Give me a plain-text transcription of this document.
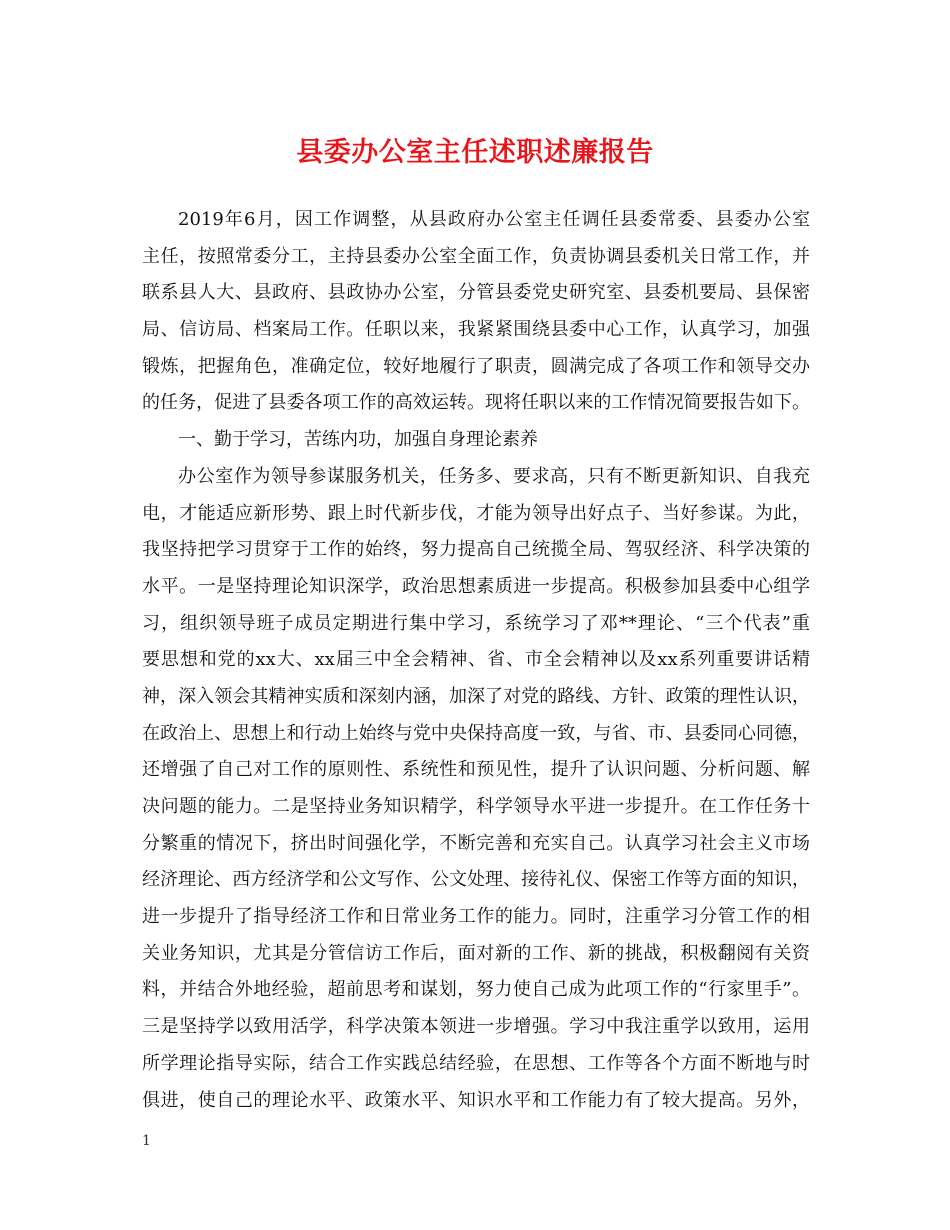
县委办公室主任述职述廉报告
2019年6月，因工作调整，从县政府办公室主任调任县委常委、县委办公室
主任，按照常委分工，主持县委办公室全面工作，负责协调县委机关日常工作，并
联系县人大、县政府、县政协办公室，分管县委党史研究室、县委机要局、县保密
局、信访局、档案局工作。任职以来，我紧紧围绕县委中心工作，认真学习，加强
锻炼，把握角色，准确定位，较好地履行了职责，圆满完成了各项工作和领导交办
的任务，促进了县委各项工作的高效运转。现将任职以来的工作情况简要报告如下。
一、勤于学习，苦练内功，加强自身理论素养
办公室作为领导参谋服务机关，任务多、要求高，只有不断更新知识、自我充
电，才能适应新形势、跟上时代新步伐，才能为领导出好点子、当好参谋。为此，
我坚持把学习贯穿于工作的始终，努力提高自己统揽全局、驾驭经济、科学决策的
水平。一是坚持理论知识深学，政治思想素质进一步提高。积极参加县委中心组学
习，组织领导班子成员定期进行集中学习，系统学习了邓**理论、“三个代表”重
要思想和党的xx大、xx届三中全会精神、省、市全会精神以及xx系列重要讲话精
神，深入领会其精神实质和深刻内涵，加深了对党的路线、方针、政策的理性认识，
在政治上、思想上和行动上始终与党中央保持高度一致，与省、市、县委同心同德，
还增强了自己对工作的原则性、系统性和预见性，提升了认识问题、分析问题、解
决问题的能力。二是坚持业务知识精学，科学领导水平进一步提升。在工作任务十
分繁重的情况下，挤出时间强化学，不断完善和充实自己。认真学习社会主义市场
经济理论、西方经济学和公文写作、公文处理、接待礼仪、保密工作等方面的知识，
进一步提升了指导经济工作和日常业务工作的能力。同时，注重学习分管工作的相
关业务知识，尤其是分管信访工作后，面对新的工作、新的挑战，积极翻阅有关资
料，并结合外地经验，超前思考和谋划，努力使自己成为此项工作的“行家里手”。
三是坚持学以致用活学，科学决策本领进一步增强。学习中我注重学以致用，运用
所学理论指导实际，结合工作实践总结经验，在思想、工作等各个方面不断地与时
俱进，使自己的理论水平、政策水平、知识水平和工作能力有了较大提高。另外，
1
